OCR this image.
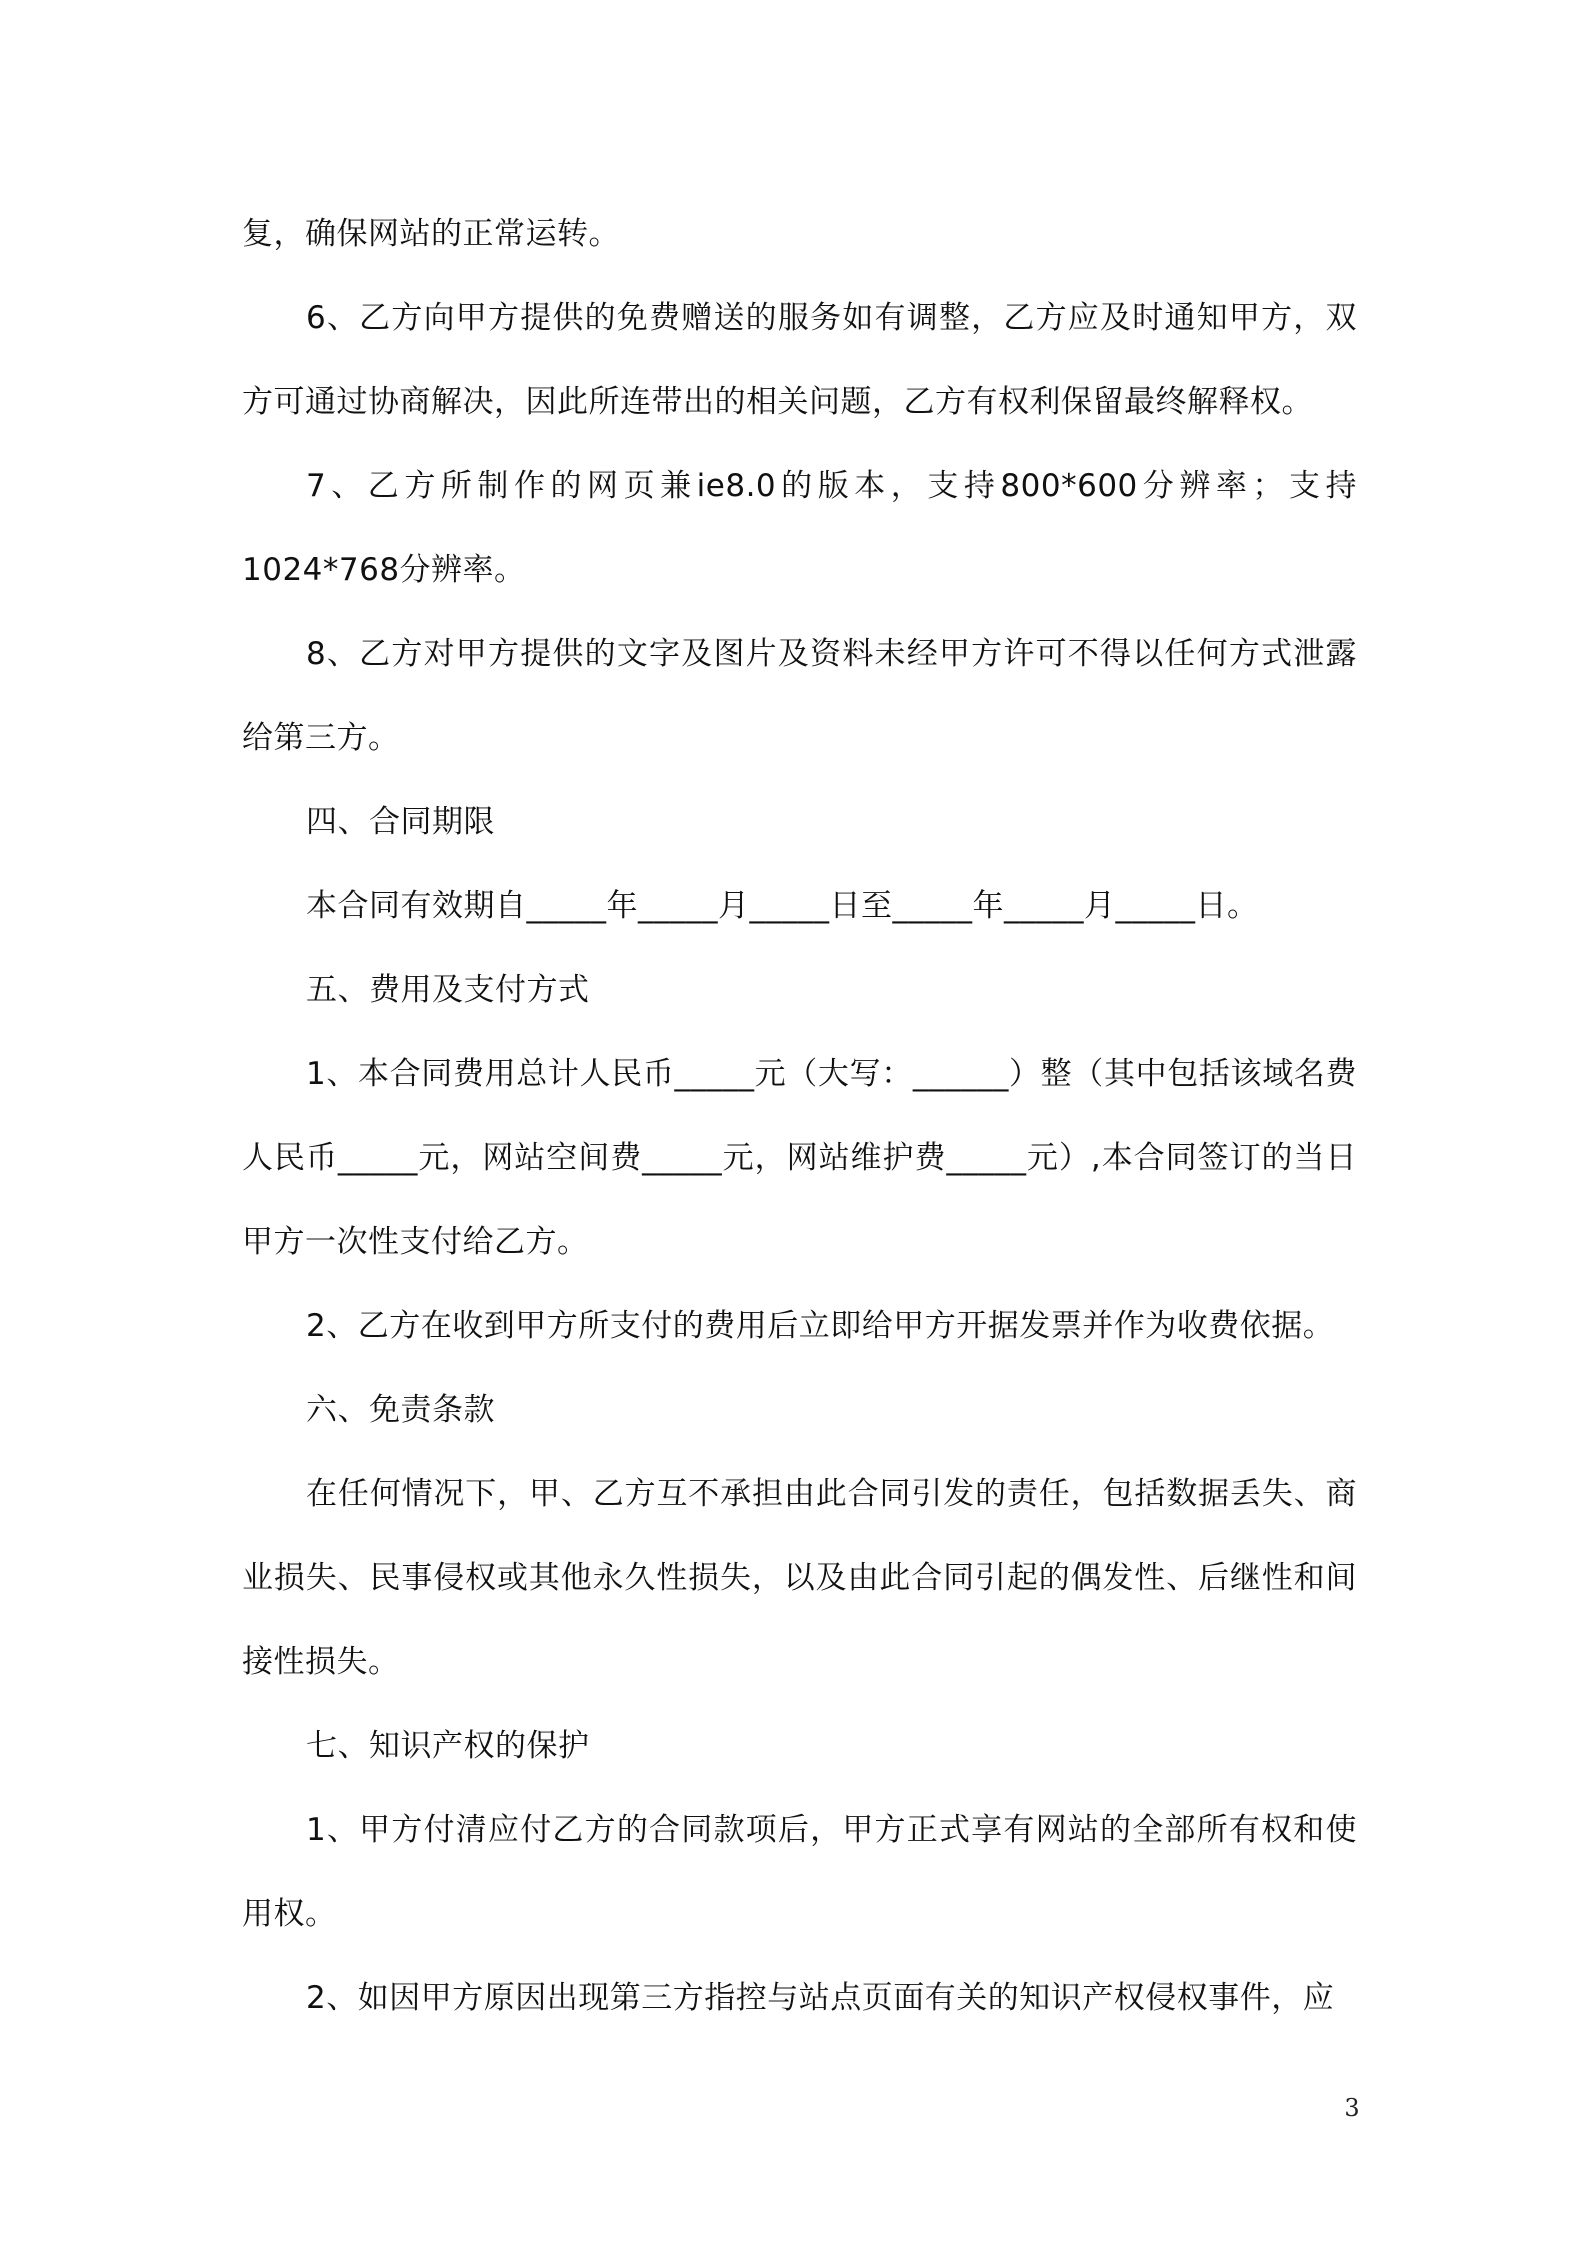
复，确保网站的正常运转。

6、乙方向甲方提供的免费赠送的服务如有调整，乙方应及时通知甲方，双方可通过协商解决，因此所连带出的相关问题，乙方有权利保留最终解释权。

7、乙方所制作的网页兼ie8.0的版本，支持800*600分辨率；支持1024*768分辨率。

8、乙方对甲方提供的文字及图片及资料未经甲方许可不得以任何方式泄露给第三方。

四、合同期限

本合同有效期自_____年_____月_____日至_____年_____月_____日。

五、费用及支付方式

1、本合同费用总计人民币_____元（大写：______）整（其中包括该域名费人民币_____元，网站空间费_____元，网站维护费_____元）,本合同签订的当日甲方一次性支付给乙方。

2、乙方在收到甲方所支付的费用后立即给甲方开据发票并作为收费依据。

六、免责条款

在任何情况下，甲、乙方互不承担由此合同引发的责任，包括数据丢失、商业损失、民事侵权或其他永久性损失，以及由此合同引起的偶发性、后继性和间接性损失。

七、知识产权的保护

1、甲方付清应付乙方的合同款项后，甲方正式享有网站的全部所有权和使用权。

2、如因甲方原因出现第三方指控与站点页面有关的知识产权侵权事件，应

3
